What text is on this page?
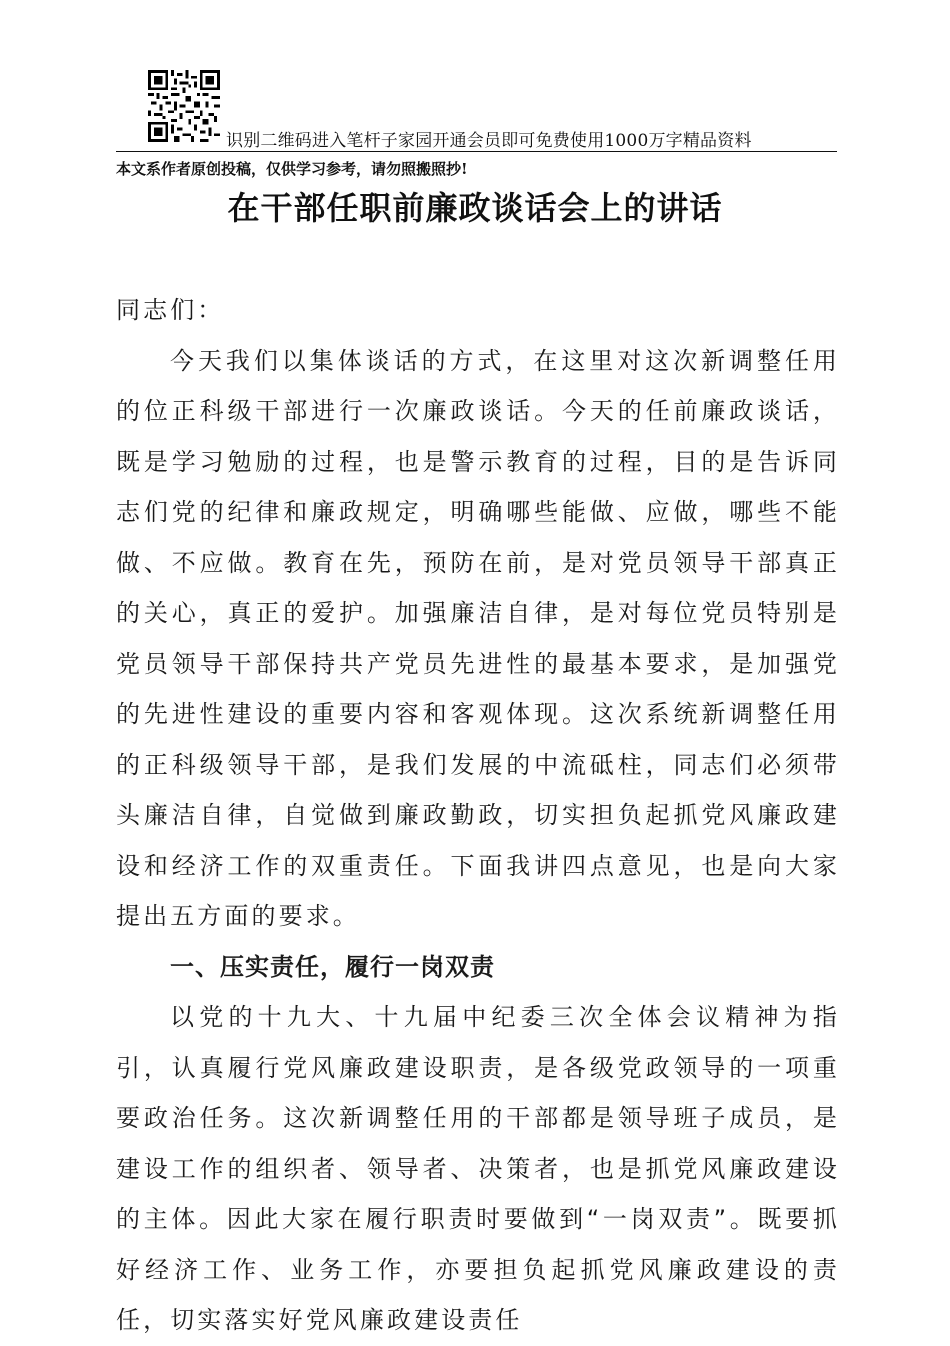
识别二维码进入笔杆子家园开通会员即可免费使用1000万字精品资料
本文系作者原创投稿，仅供学习参考，请勿照搬照抄!
在干部任职前廉政谈话会上的讲话

同志们：

今天我们以集体谈话的方式，在这里对这次新调整任用的位正科级干部进行一次廉政谈话。今天的任前廉政谈话，既是学习勉励的过程，也是警示教育的过程，目的是告诉同志们党的纪律和廉政规定，明确哪些能做、应做，哪些不能做、不应做。教育在先，预防在前，是对党员领导干部真正的关心，真正的爱护。加强廉洁自律，是对每位党员特别是党员领导干部保持共产党员先进性的最基本要求，是加强党的先进性建设的重要内容和客观体现。这次系统新调整任用的正科级领导干部，是我们发展的中流砥柱，同志们必须带头廉洁自律，自觉做到廉政勤政，切实担负起抓党风廉政建设和经济工作的双重责任。下面我讲四点意见，也是向大家提出五方面的要求。

一、压实责任，履行一岗双责

以党的十九大、十九届中纪委三次全体会议精神为指引，认真履行党风廉政建设职责，是各级党政领导的一项重要政治任务。这次新调整任用的干部都是领导班子成员，是建设工作的组织者、领导者、决策者，也是抓党风廉政建设的主体。因此大家在履行职责时要做到“一岗双责”。既要抓好经济工作、业务工作，亦要担负起抓党风廉政建设的责任，切实落实好党风廉政建设责任
